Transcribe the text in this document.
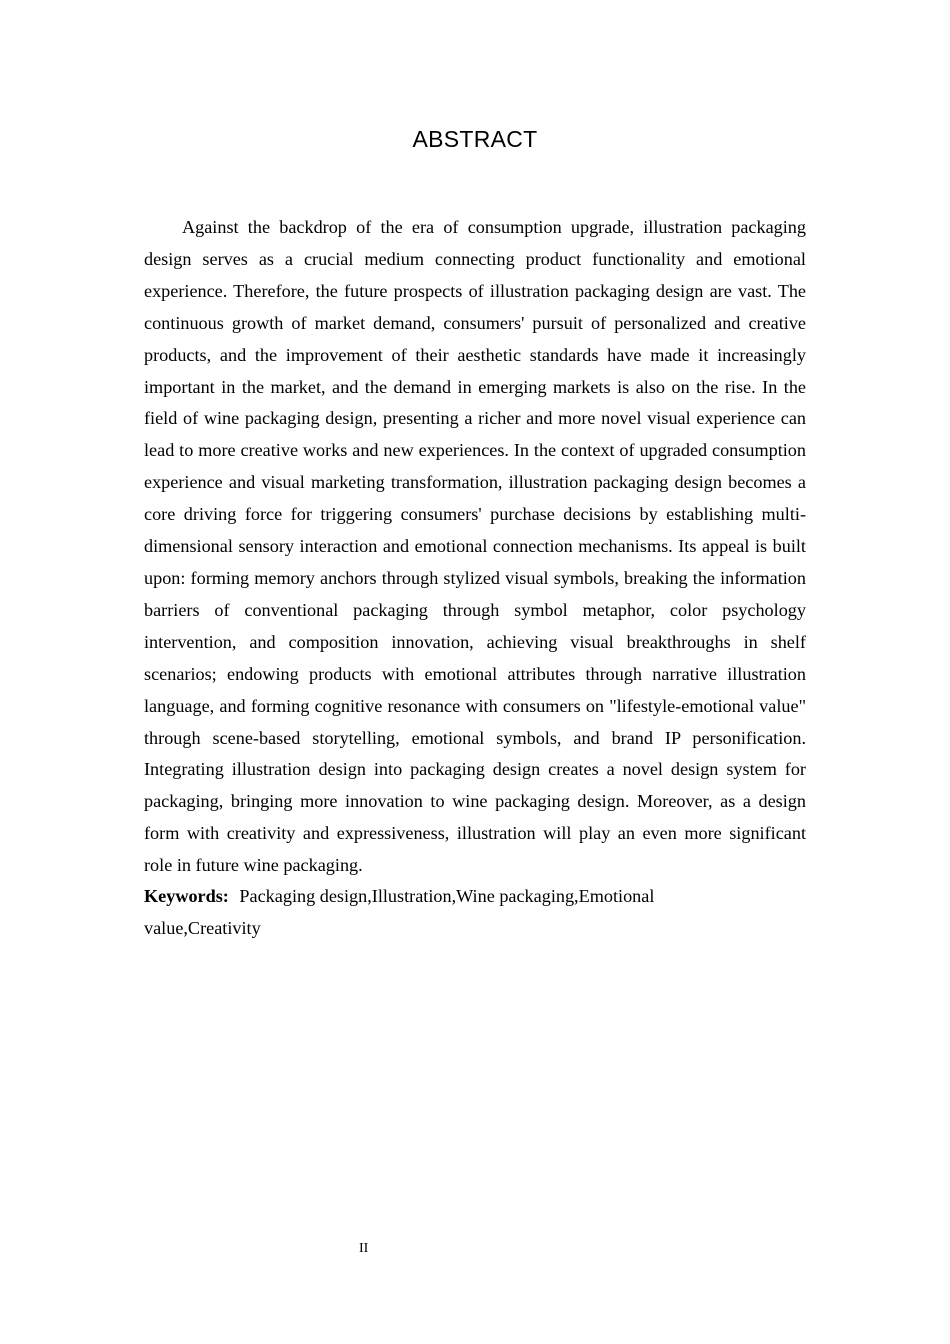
ABSTRACT

Against the backdrop of the era of consumption upgrade, illustration packaging design serves as a crucial medium connecting product functionality and emotional experience. Therefore, the future prospects of illustration packaging design are vast. The continuous growth of market demand, consumers' pursuit of personalized and creative products, and the improvement of their aesthetic standards have made it increasingly important in the market, and the demand in emerging markets is also on the rise. In the field of wine packaging design, presenting a richer and more novel visual experience can lead to more creative works and new experiences. In the context of upgraded consumption experience and visual marketing transformation, illustration packaging design becomes a core driving force for triggering consumers' purchase decisions by establishing multi-dimensional sensory interaction and emotional connection mechanisms. Its appeal is built upon: forming memory anchors through stylized visual symbols, breaking the information barriers of conventional packaging through symbol metaphor, color psychology intervention, and composition innovation, achieving visual breakthroughs in shelf scenarios; endowing products with emotional attributes through narrative illustration language, and forming cognitive resonance with consumers on "lifestyle-emotional value" through scene-based storytelling, emotional symbols, and brand IP personification. Integrating illustration design into packaging design creates a novel design system for packaging, bringing more innovation to wine packaging design. Moreover, as a design form with creativity and expressiveness, illustration will play an even more significant role in future wine packaging.

Keywords: Packaging design,Illustration,Wine packaging,Emotional value,Creativity

II
